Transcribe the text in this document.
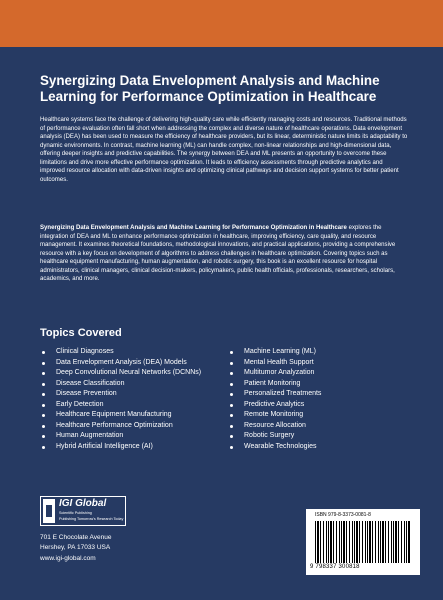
Synergizing Data Envelopment Analysis and Machine
Learning for Performance Optimization in Healthcare

Healthcare systems face the challenge of delivering high-quality care while efficiently managing costs and resources. Traditional methods of performance evaluation often fall short when addressing the complex and diverse nature of healthcare operations. Data envelopment analysis (DEA) has been used to measure the efficiency of healthcare providers, but its linear, deterministic nature limits its adaptability to dynamic environments. In contrast, machine learning (ML) can handle complex, non-linear relationships and high-dimensional data, offering deeper insights and predictive capabilities. The synergy between DEA and ML presents an opportunity to overcome these limitations and drive more effective performance optimization. It leads to efficiency assessments through predictive analytics and improved resource allocation with data-driven insights and optimizing clinical pathways and decision support systems for better patient outcomes.

Synergizing Data Envelopment Analysis and Machine Learning for Performance Optimization in Healthcare explores the integration of DEA and ML to enhance performance optimization in healthcare, improving efficiency, care quality, and resource management. It examines theoretical foundations, methodological innovations, and practical applications, providing a comprehensive resource with a key focus on development of algorithms to address challenges in healthcare optimization. Covering topics such as healthcare equipment manufacturing, human augmentation, and robotic surgery, this book is an excellent resource for hospital administrators, clinical managers, clinical decision-makers, policymakers, public health officials, professionals, researchers, scholars, academics, and more.

Topics Covered
Clinical Diagnoses
Data Envelopment Analysis (DEA) Models
Deep Convolutional Neural Networks (DCNNs)
Disease Classification
Disease Prevention
Early Detection
Healthcare Equipment Manufacturing
Healthcare Performance Optimization
Human Augmentation
Hybrid Artificial Intelligence (AI)
Machine Learning (ML)
Mental Health Support
Multitumor Analyzation
Patient Monitoring
Personalized Treatments
Predictive Analytics
Remote Monitoring
Resource Allocation
Robotic Surgery
Wearable Technologies
IGI Global
Scientific Publishing
Publishing Tomorrow's Research Today
701 E Chocolate Avenue
Hershey, PA 17033 USA
www.igi-global.com
ISBN 979-8-3373-0081-8
9 798337 300818
